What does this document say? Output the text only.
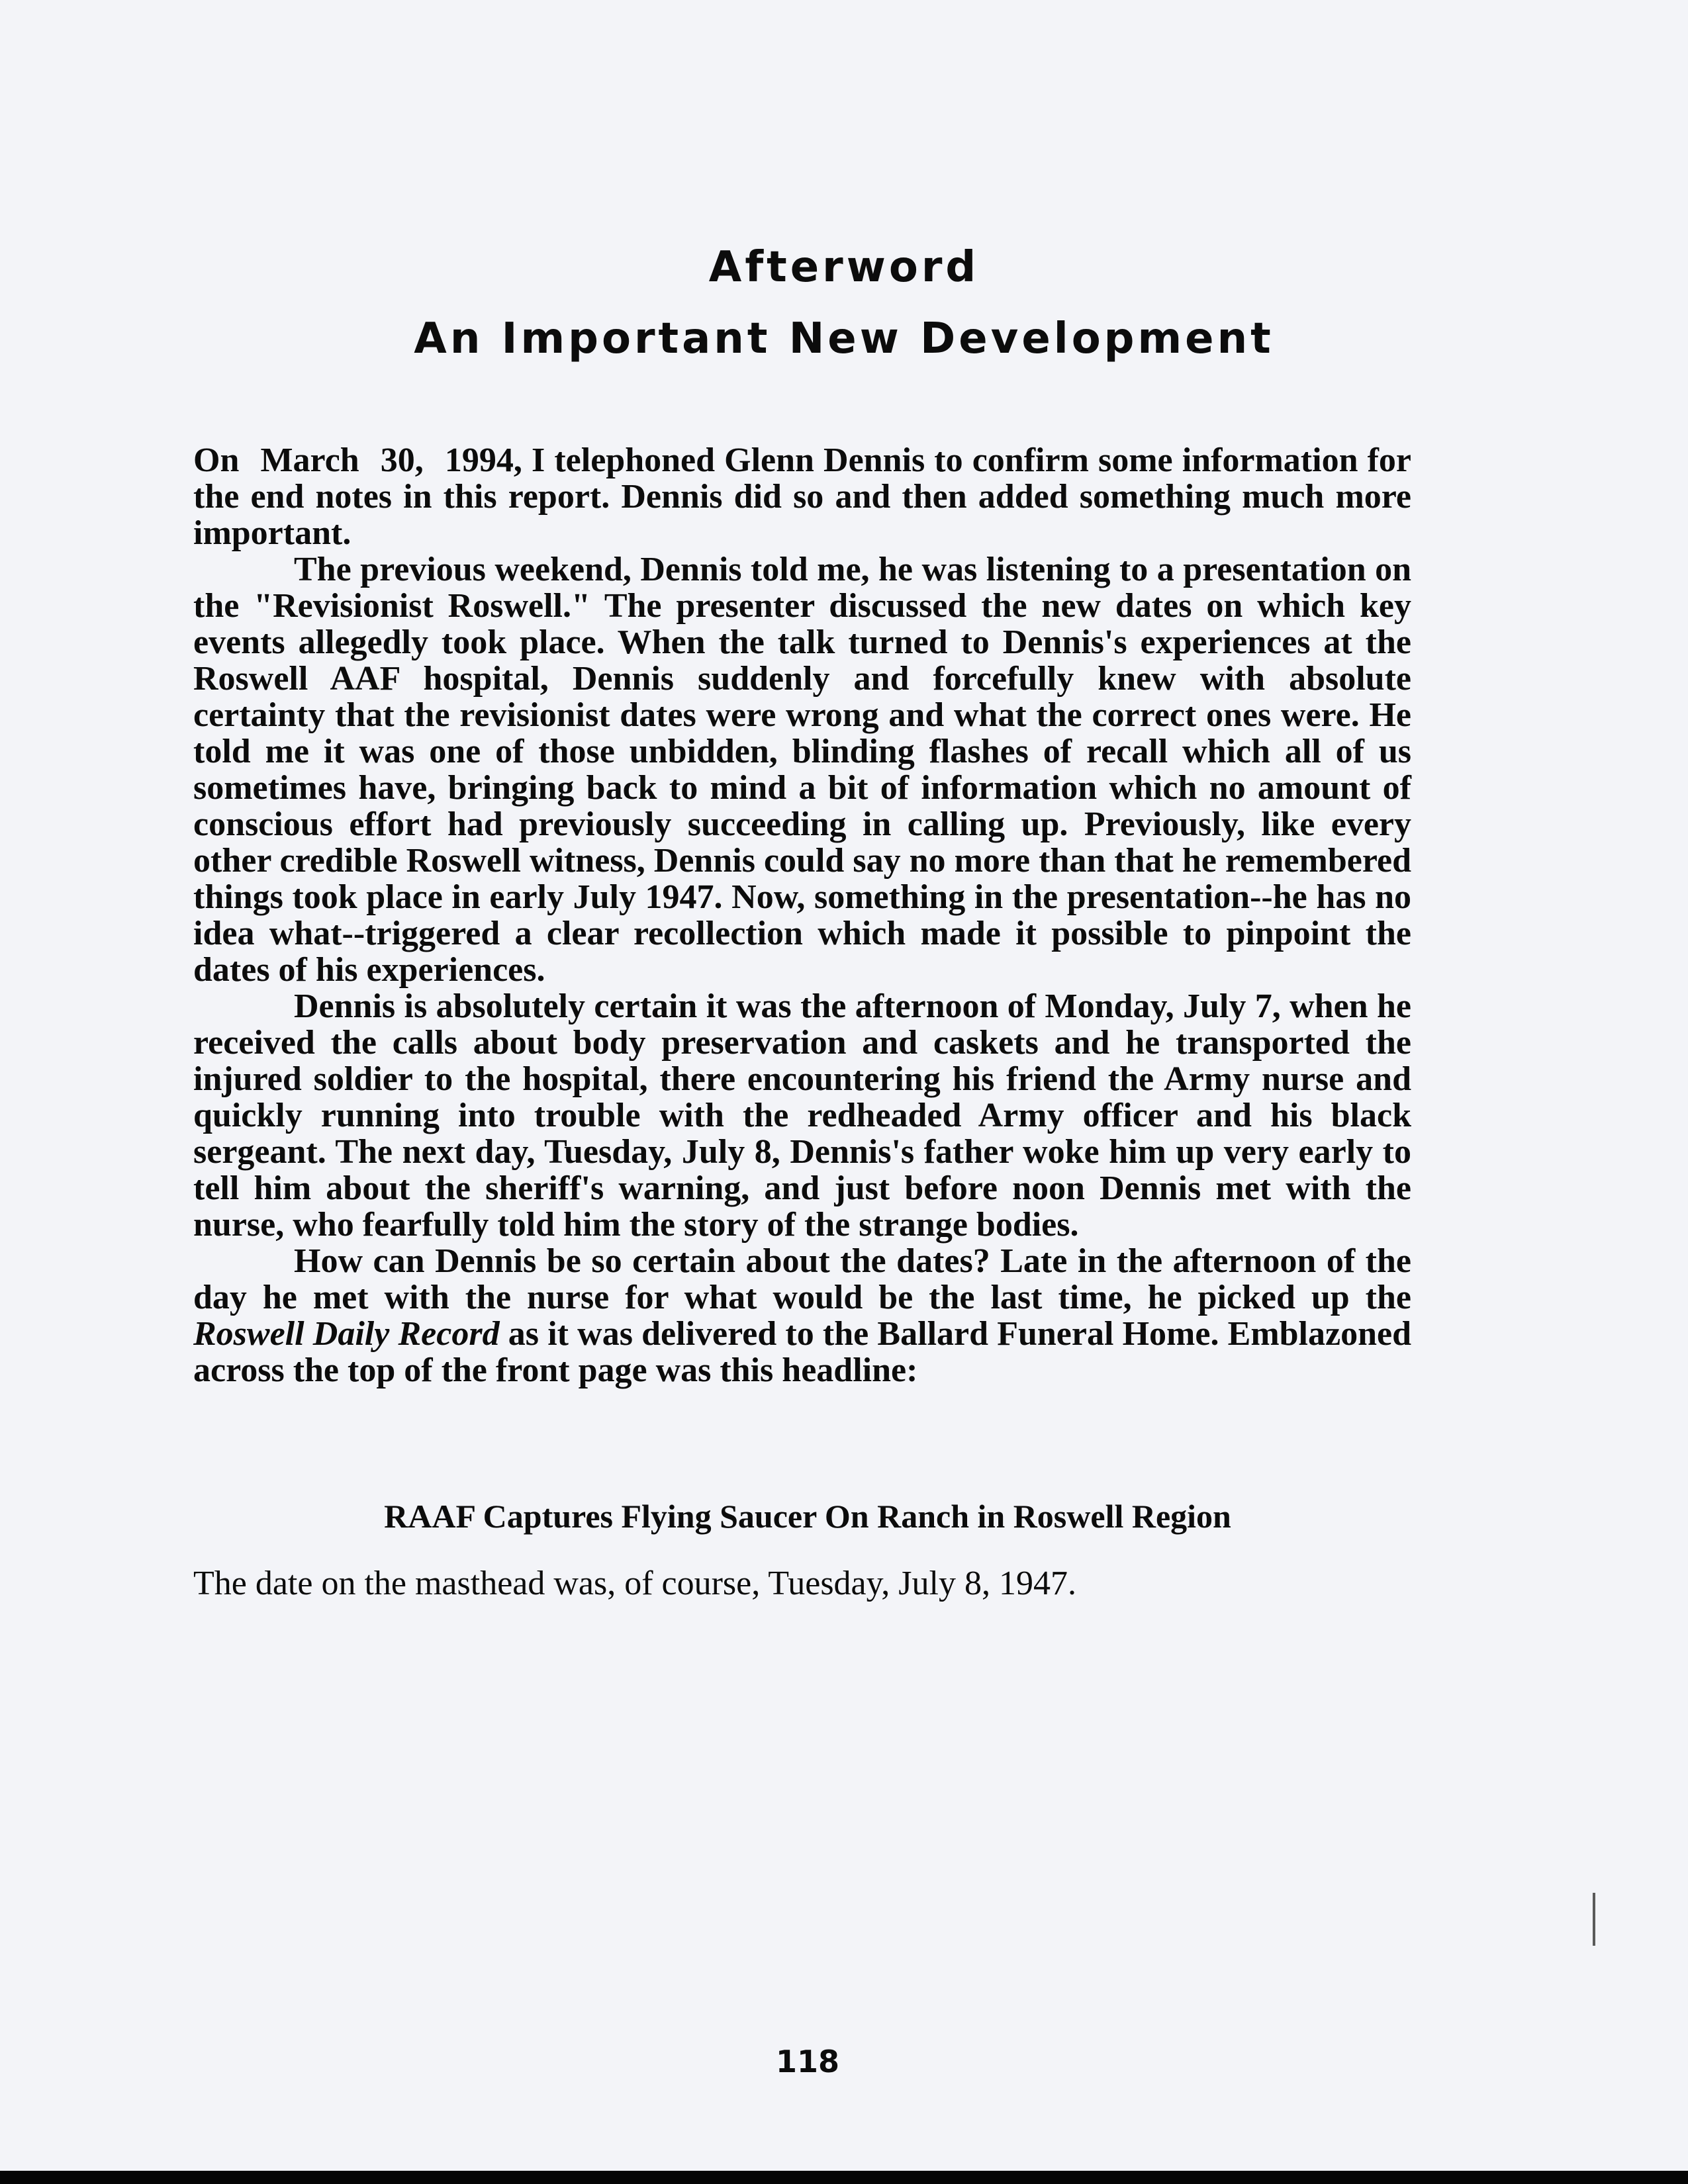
Afterword
An Important New Development

On March 30, 1994, I telephoned Glenn Dennis to confirm some information for the end notes in this report. Dennis did so and then added something much more important.

The previous weekend, Dennis told me, he was listening to a presentation on the "Revisionist Roswell." The presenter discussed the new dates on which key events allegedly took place. When the talk turned to Dennis's experiences at the Roswell AAF hospital, Dennis suddenly and forcefully knew with absolute certainty that the revisionist dates were wrong and what the correct ones were. He told me it was one of those unbidden, blinding flashes of recall which all of us sometimes have, bringing back to mind a bit of information which no amount of conscious effort had previously succeeding in calling up. Previously, like every other credible Roswell witness, Dennis could say no more than that he remembered things took place in early July 1947. Now, something in the presentation--he has no idea what--triggered a clear recollection which made it possible to pinpoint the dates of his experiences.

Dennis is absolutely certain it was the afternoon of Monday, July 7, when he received the calls about body preservation and caskets and he transported the injured soldier to the hospital, there encountering his friend the Army nurse and quickly running into trouble with the redheaded Army officer and his black sergeant. The next day, Tuesday, July 8, Dennis's father woke him up very early to tell him about the sheriff's warning, and just before noon Dennis met with the nurse, who fearfully told him the story of the strange bodies.

How can Dennis be so certain about the dates? Late in the afternoon of the day he met with the nurse for what would be the last time, he picked up the Roswell Daily Record as it was delivered to the Ballard Funeral Home. Emblazoned across the top of the front page was this headline:

RAAF Captures Flying Saucer On Ranch in Roswell Region
The date on the masthead was, of course, Tuesday, July 8, 1947.
118
